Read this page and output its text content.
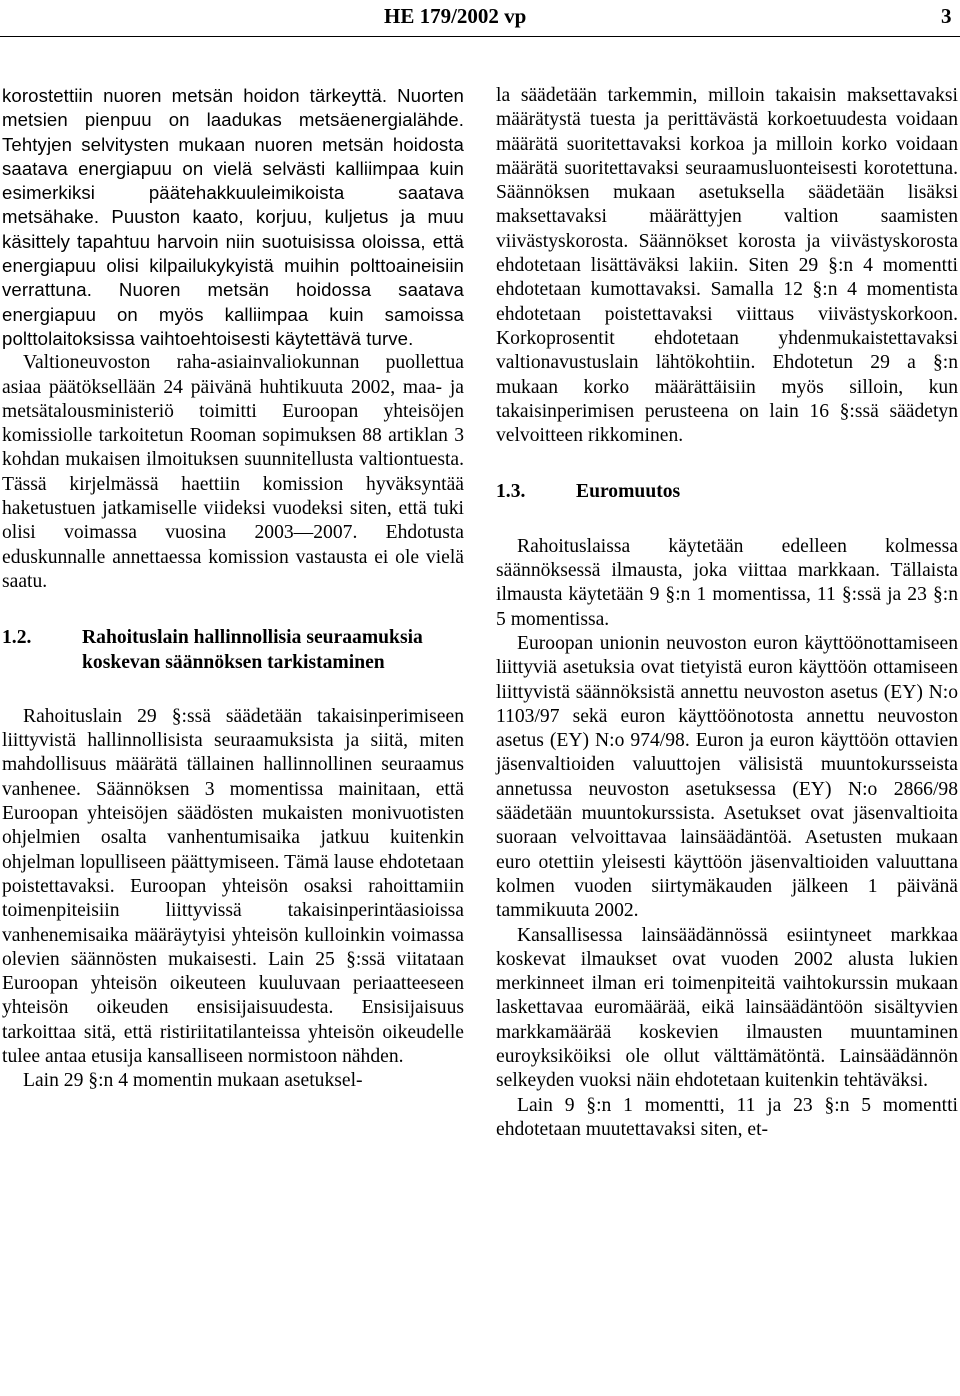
HE 179/2002 vp	3

korostettiin nuoren metsän hoidon tärkeyttä. Nuorten metsien pienpuu on laadukas metsäenergialähde. Tehtyjen selvitysten mukaan nuoren metsän hoidosta saatava energiapuu on vielä selvästi kalliimpaa kuin esimerkiksi päätehakkuuleimikoista saatava metsähake. Puuston kaato, korjuu, kuljetus ja muu käsittely tapahtuu harvoin niin suotuisissa oloissa, että energiapuu olisi kilpailukykyistä muihin polttoaineisiin verrattuna. Nuoren metsän hoidossa saatava energiapuu on myös kalliimpaa kuin samoissa polttolaitoksissa vaihtoehtoisesti käytettävä turve.

Valtioneuvoston raha-asiainvaliokunnan puollettua asiaa päätöksellään 24 päivänä huhtikuuta 2002, maa- ja metsätalousministeriö toimitti Euroopan yhteisöjen komissiolle tarkoitetun Rooman sopimuksen 88 artiklan 3 kohdan mukaisen ilmoituksen suunnitellusta valtiontuesta. Tässä kirjelmässä haettiin komission hyväksyntää haketustuen jatkamiselle viideksi vuodeksi siten, että tuki olisi voimassa vuosina 2003—2007. Ehdotusta eduskunnalle annettaessa komission vastausta ei ole vielä saatu.

1.2.	Rahoituslain hallinnollisia seuraamuksia koskevan säännöksen tarkistaminen

Rahoituslain 29 §:ssä säädetään takaisinperimiseen liittyvistä hallinnollisista seuraamuksista ja siitä, miten mahdollisuus määrätä tällainen hallinnollinen seuraamus vanhenee. Säännöksen 3 momentissa mainitaan, että Euroopan yhteisöjen säädösten mukaisten monivuotisten ohjelmien osalta vanhentumisaika jatkuu kuitenkin ohjelman lopulliseen päättymiseen. Tämä lause ehdotetaan poistettavaksi. Euroopan yhteisön osaksi rahoittamiin toimenpiteisiin liittyvissä takaisinperintäasioissa vanhenemisaika määräytyisi yhteisön kulloinkin voimassa olevien säännösten mukaisesti. Lain 25 §:ssä viitataan Euroopan yhteisön oikeuteen kuuluvaan periaatteeseen yhteisön oikeuden ensisijaisuudesta. Ensisijaisuus tarkoittaa sitä, että ristiriitatilanteissa yhteisön oikeudelle tulee antaa etusija kansalliseen normistoon nähden.

Lain 29 §:n 4 momentin mukaan asetuksel-

la säädetään tarkemmin, milloin takaisin maksettavaksi määrätystä tuesta ja perittävästä korkoetuudesta voidaan määrätä suoritettavaksi korkoa ja milloin korko voidaan määrätä suoritettavaksi seuraamusluonteisesti korotettuna. Säännöksen mukaan asetuksella säädetään lisäksi maksettavaksi määrättyjen valtion saamisten viivästyskorosta. Säännökset korosta ja viivästyskorosta ehdotetaan lisättäväksi lakiin. Siten 29 §:n 4 momentti ehdotetaan kumottavaksi. Samalla 12 §:n 4 momentista ehdotetaan poistettavaksi viittaus viivästyskorkoon. Korkoprosentit ehdotetaan yhdenmukaistettavaksi valtionavustuslain lähtökohtiin. Ehdotetun 29 a §:n mukaan korko määrättäisiin myös silloin, kun takaisinperimisen perusteena on lain 16 §:ssä säädetyn velvoitteen rikkominen.

1.3.	Euromuutos

Rahoituslaissa käytetään edelleen kolmessa säännöksessä ilmausta, joka viittaa markkaan. Tällaista ilmausta käytetään 9 §:n 1 momentissa, 11 §:ssä ja 23 §:n 5 momentissa.

Euroopan unionin neuvoston euron käyttöönottamiseen liittyviä asetuksia ovat tietyistä euron käyttöön ottamiseen liittyvistä säännöksistä annettu neuvoston asetus (EY) N:o 1103/97 sekä euron käyttöönotosta annettu neuvoston asetus (EY) N:o 974/98. Euron ja euron käyttöön ottavien jäsenvaltioiden valuuttojen välisistä muuntokursseista annetussa neuvoston asetuksessa (EY) N:o 2866/98 säädetään muuntokurssista. Asetukset ovat jäsenvaltioita suoraan velvoittavaa lainsäädäntöä. Asetusten mukaan euro otettiin yleisesti käyttöön jäsenvaltioiden valuuttana kolmen vuoden siirtymäkauden jälkeen 1 päivänä tammikuuta 2002.

Kansallisessa lainsäädännössä esiintyneet markkaa koskevat ilmaukset ovat vuoden 2002 alusta lukien merkinneet ilman eri toimenpiteitä vaihtokurssin mukaan laskettavaa euromäärää, eikä lainsäädäntöön sisältyvien markkamäärää koskevien ilmausten muuntaminen euroyksiköiksi ole ollut välttämätöntä. Lainsäädännön selkeyden vuoksi näin ehdotetaan kuitenkin tehtäväksi.

Lain 9 §:n 1 momentti, 11 ja 23 §:n 5 momentti ehdotetaan muutettavaksi siten, et-
